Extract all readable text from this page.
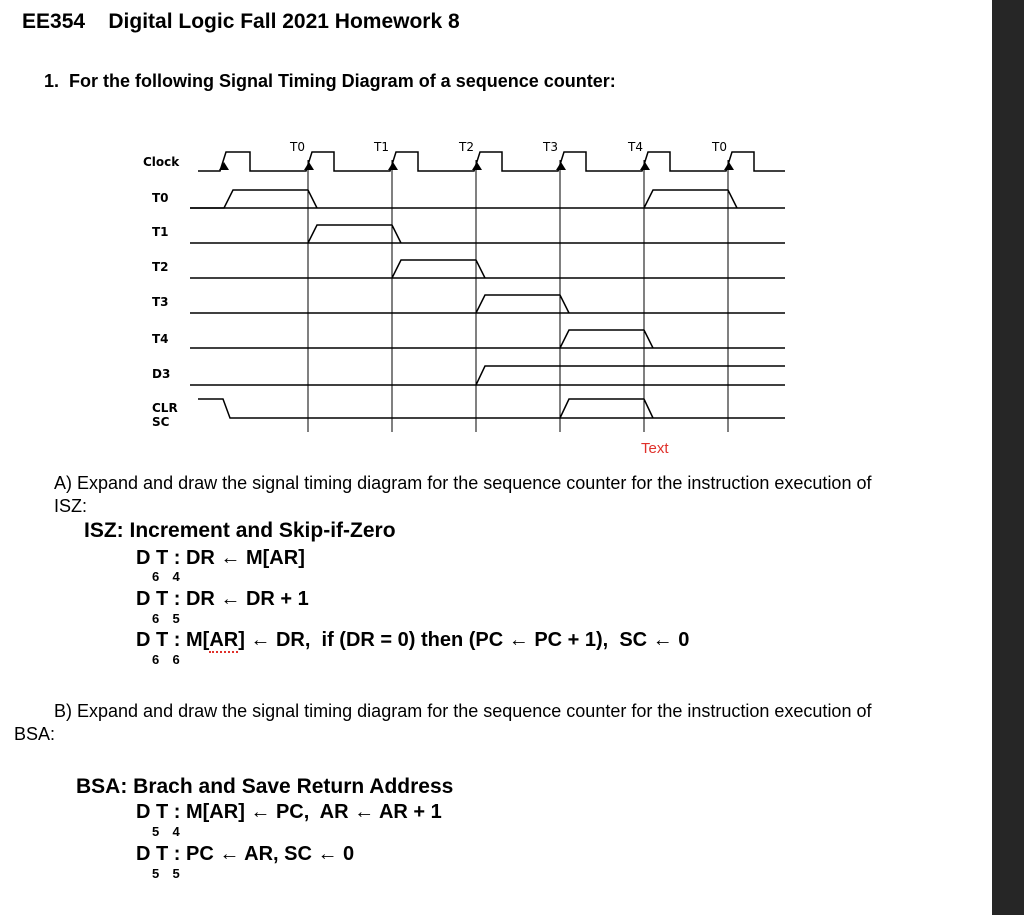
EE354    Digital Logic Fall 2021 Homework 8
1.  For the following Signal Timing Diagram of a sequence counter:
Clock
T0
T1
T2
T3
T4
D3
CLR
SC
T0	T1	T2	T3	T4	T0
Text
A) Expand and draw the signal timing diagram for the sequence counter for the instruction execution of ISZ:
ISZ: Increment and Skip-if-Zero
D T : DR ← M[AR]
6  4
D T : DR ← DR + 1
6  5
D T : M[AR] ← DR,  if (DR = 0) then (PC ← PC + 1),  SC ← 0
6  6
B) Expand and draw the signal timing diagram for the sequence counter for the instruction execution of BSA:
BSA: Brach and Save Return Address
D T : M[AR] ← PC,  AR ← AR + 1
5  4
D T : PC ← AR, SC ← 0
5  5
